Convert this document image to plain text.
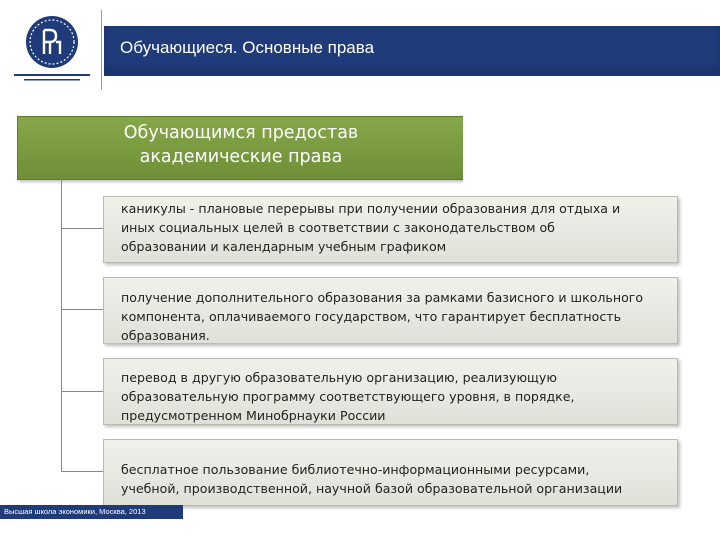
Обучающиеся. Основные права
Обучающимся предостав
академические права
каникулы - плановые перерывы при получении образования для отдыха и
иных социальных целей в соответствии с законодательством об
образовании и календарным учебным графиком
получение дополнительного образования за рамками базисного и школьного
компонента, оплачиваемого государством, что гарантирует бесплатность
образования.
перевод в другую образовательную организацию, реализующую
образовательную программу соответствующего уровня, в порядке,
предусмотренном Минобрнауки России
бесплатное пользование библиотечно-информационными ресурсами,
учебной, производственной, научной базой образовательной организации
Высшая школа экономики, Москва, 2013
